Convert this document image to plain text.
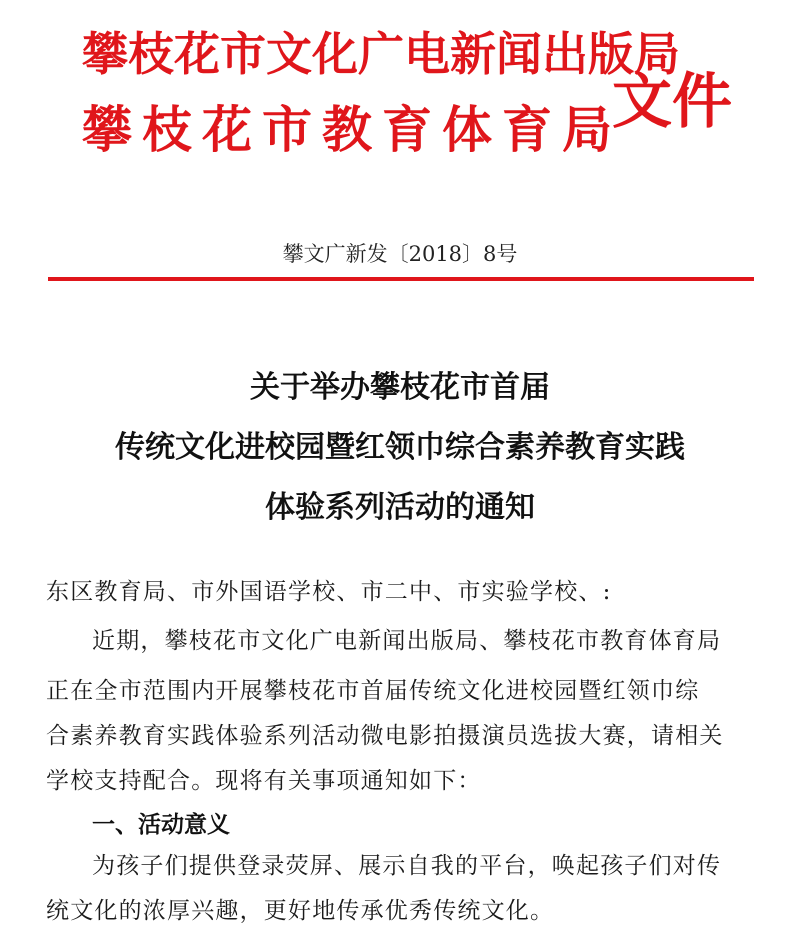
攀枝花市文化广电新闻出版局
攀枝花市教育体育局
文件
攀文广新发〔2018〕8号
关于举办攀枝花市首届
传统文化进校园暨红领巾综合素养教育实践
体验系列活动的通知
东区教育局、市外国语学校、市二中、市实验学校、:
近期，攀枝花市文化广电新闻出版局、攀枝花市教育体育局
正在全市范围内开展攀枝花市首届传统文化进校园暨红领巾综
合素养教育实践体验系列活动微电影拍摄演员选拔大赛，请相关
学校支持配合。现将有关事项通知如下：
一、活动意义
为孩子们提供登录荧屏、展示自我的平台，唤起孩子们对传
统文化的浓厚兴趣，更好地传承优秀传统文化。
